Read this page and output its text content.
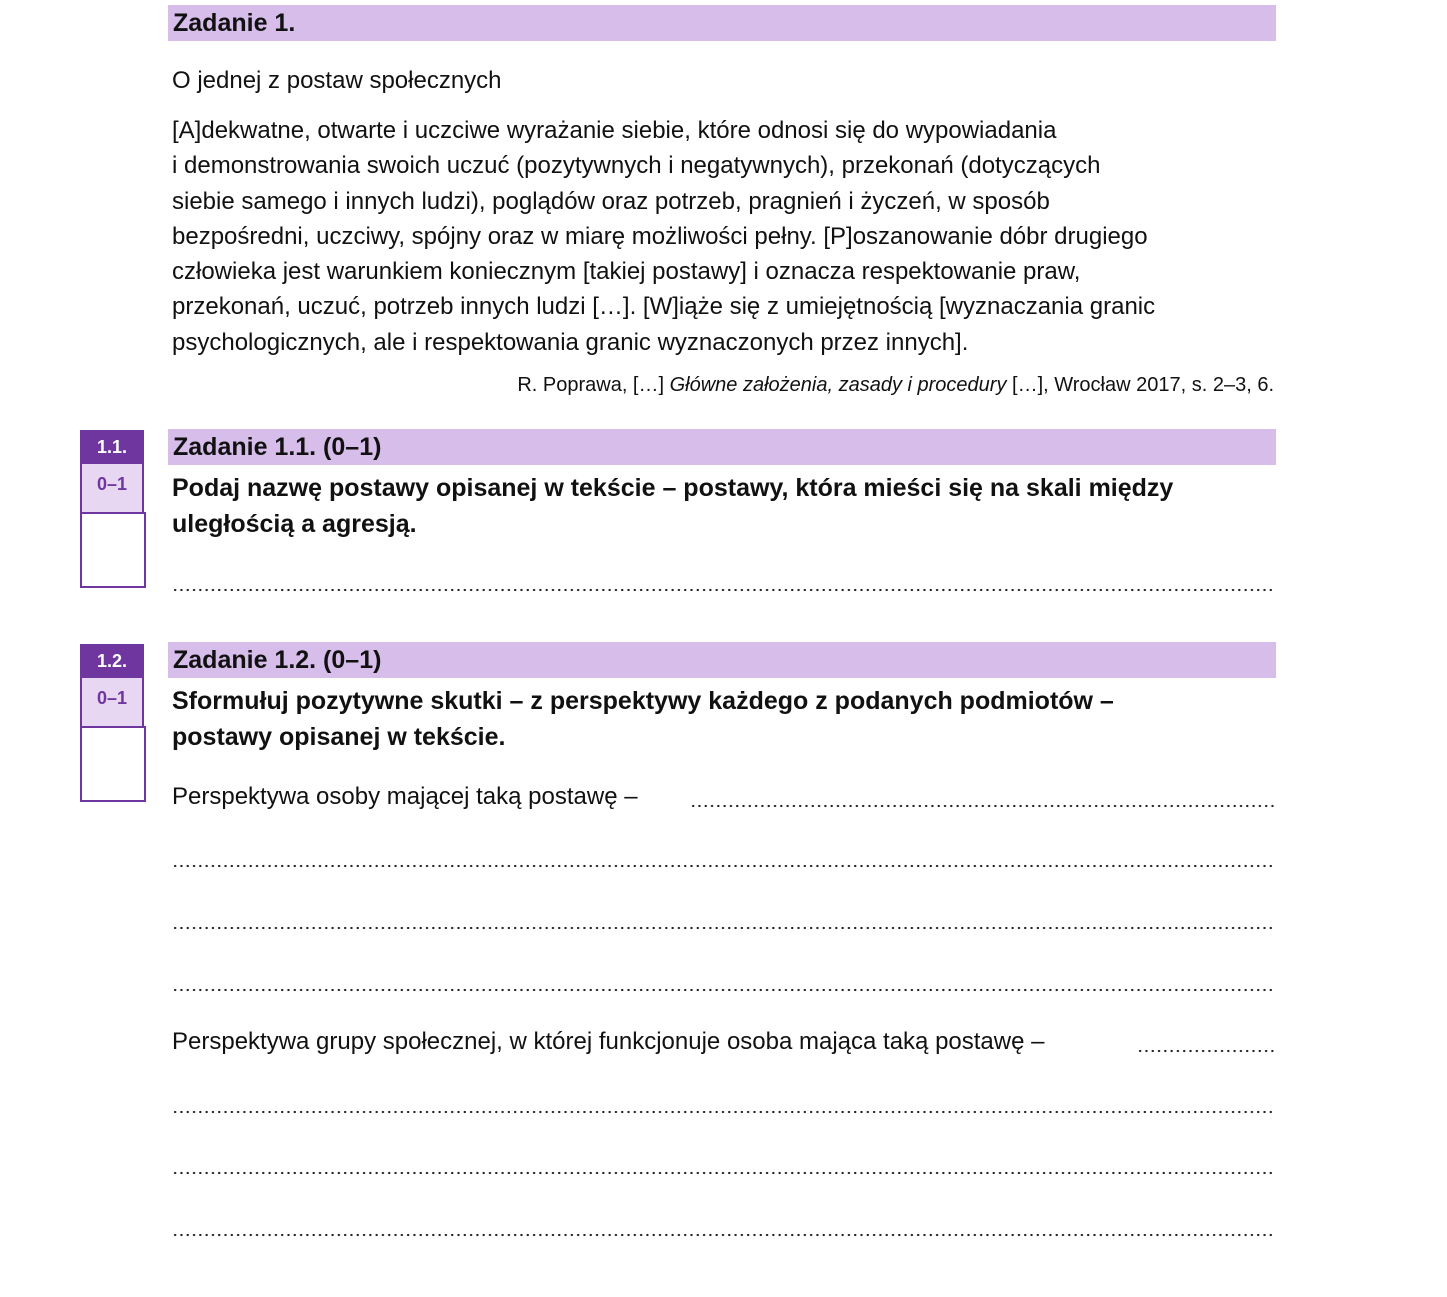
Zadanie 1.
O jednej z postaw społecznych
[A]dekwatne, otwarte i uczciwe wyrażanie siebie, które odnosi się do wypowiadania
i demonstrowania swoich uczuć (pozytywnych i negatywnych), przekonań (dotyczących
siebie samego i innych ludzi), poglądów oraz potrzeb, pragnień i życzeń, w sposób
bezpośredni, uczciwy, spójny oraz w miarę możliwości pełny. [P]oszanowanie dóbr drugiego
człowieka jest warunkiem koniecznym [takiej postawy] i oznacza respektowanie praw,
przekonań, uczuć, potrzeb innych ludzi […]. [W]iąże się z umiejętnością [wyznaczania granic
psychologicznych, ale i respektowania granic wyznaczonych przez innych].
R. Poprawa, […] Główne założenia, zasady i procedury […], Wrocław 2017, s. 2–3, 6.
1.1.
0–1
Zadanie 1.1. (0–1)
Podaj nazwę postawy opisanej w tekście – postawy, która mieści się na skali między
uległością a agresją.
1.2.
0–1
Zadanie 1.2. (0–1)
Sformułuj pozytywne skutki – z perspektywy każdego z podanych podmiotów –
postawy opisanej w tekście.
Perspektywa osoby mającej taką postawę –
Perspektywa grupy społecznej, w której funkcjonuje osoba mająca taką postawę –
